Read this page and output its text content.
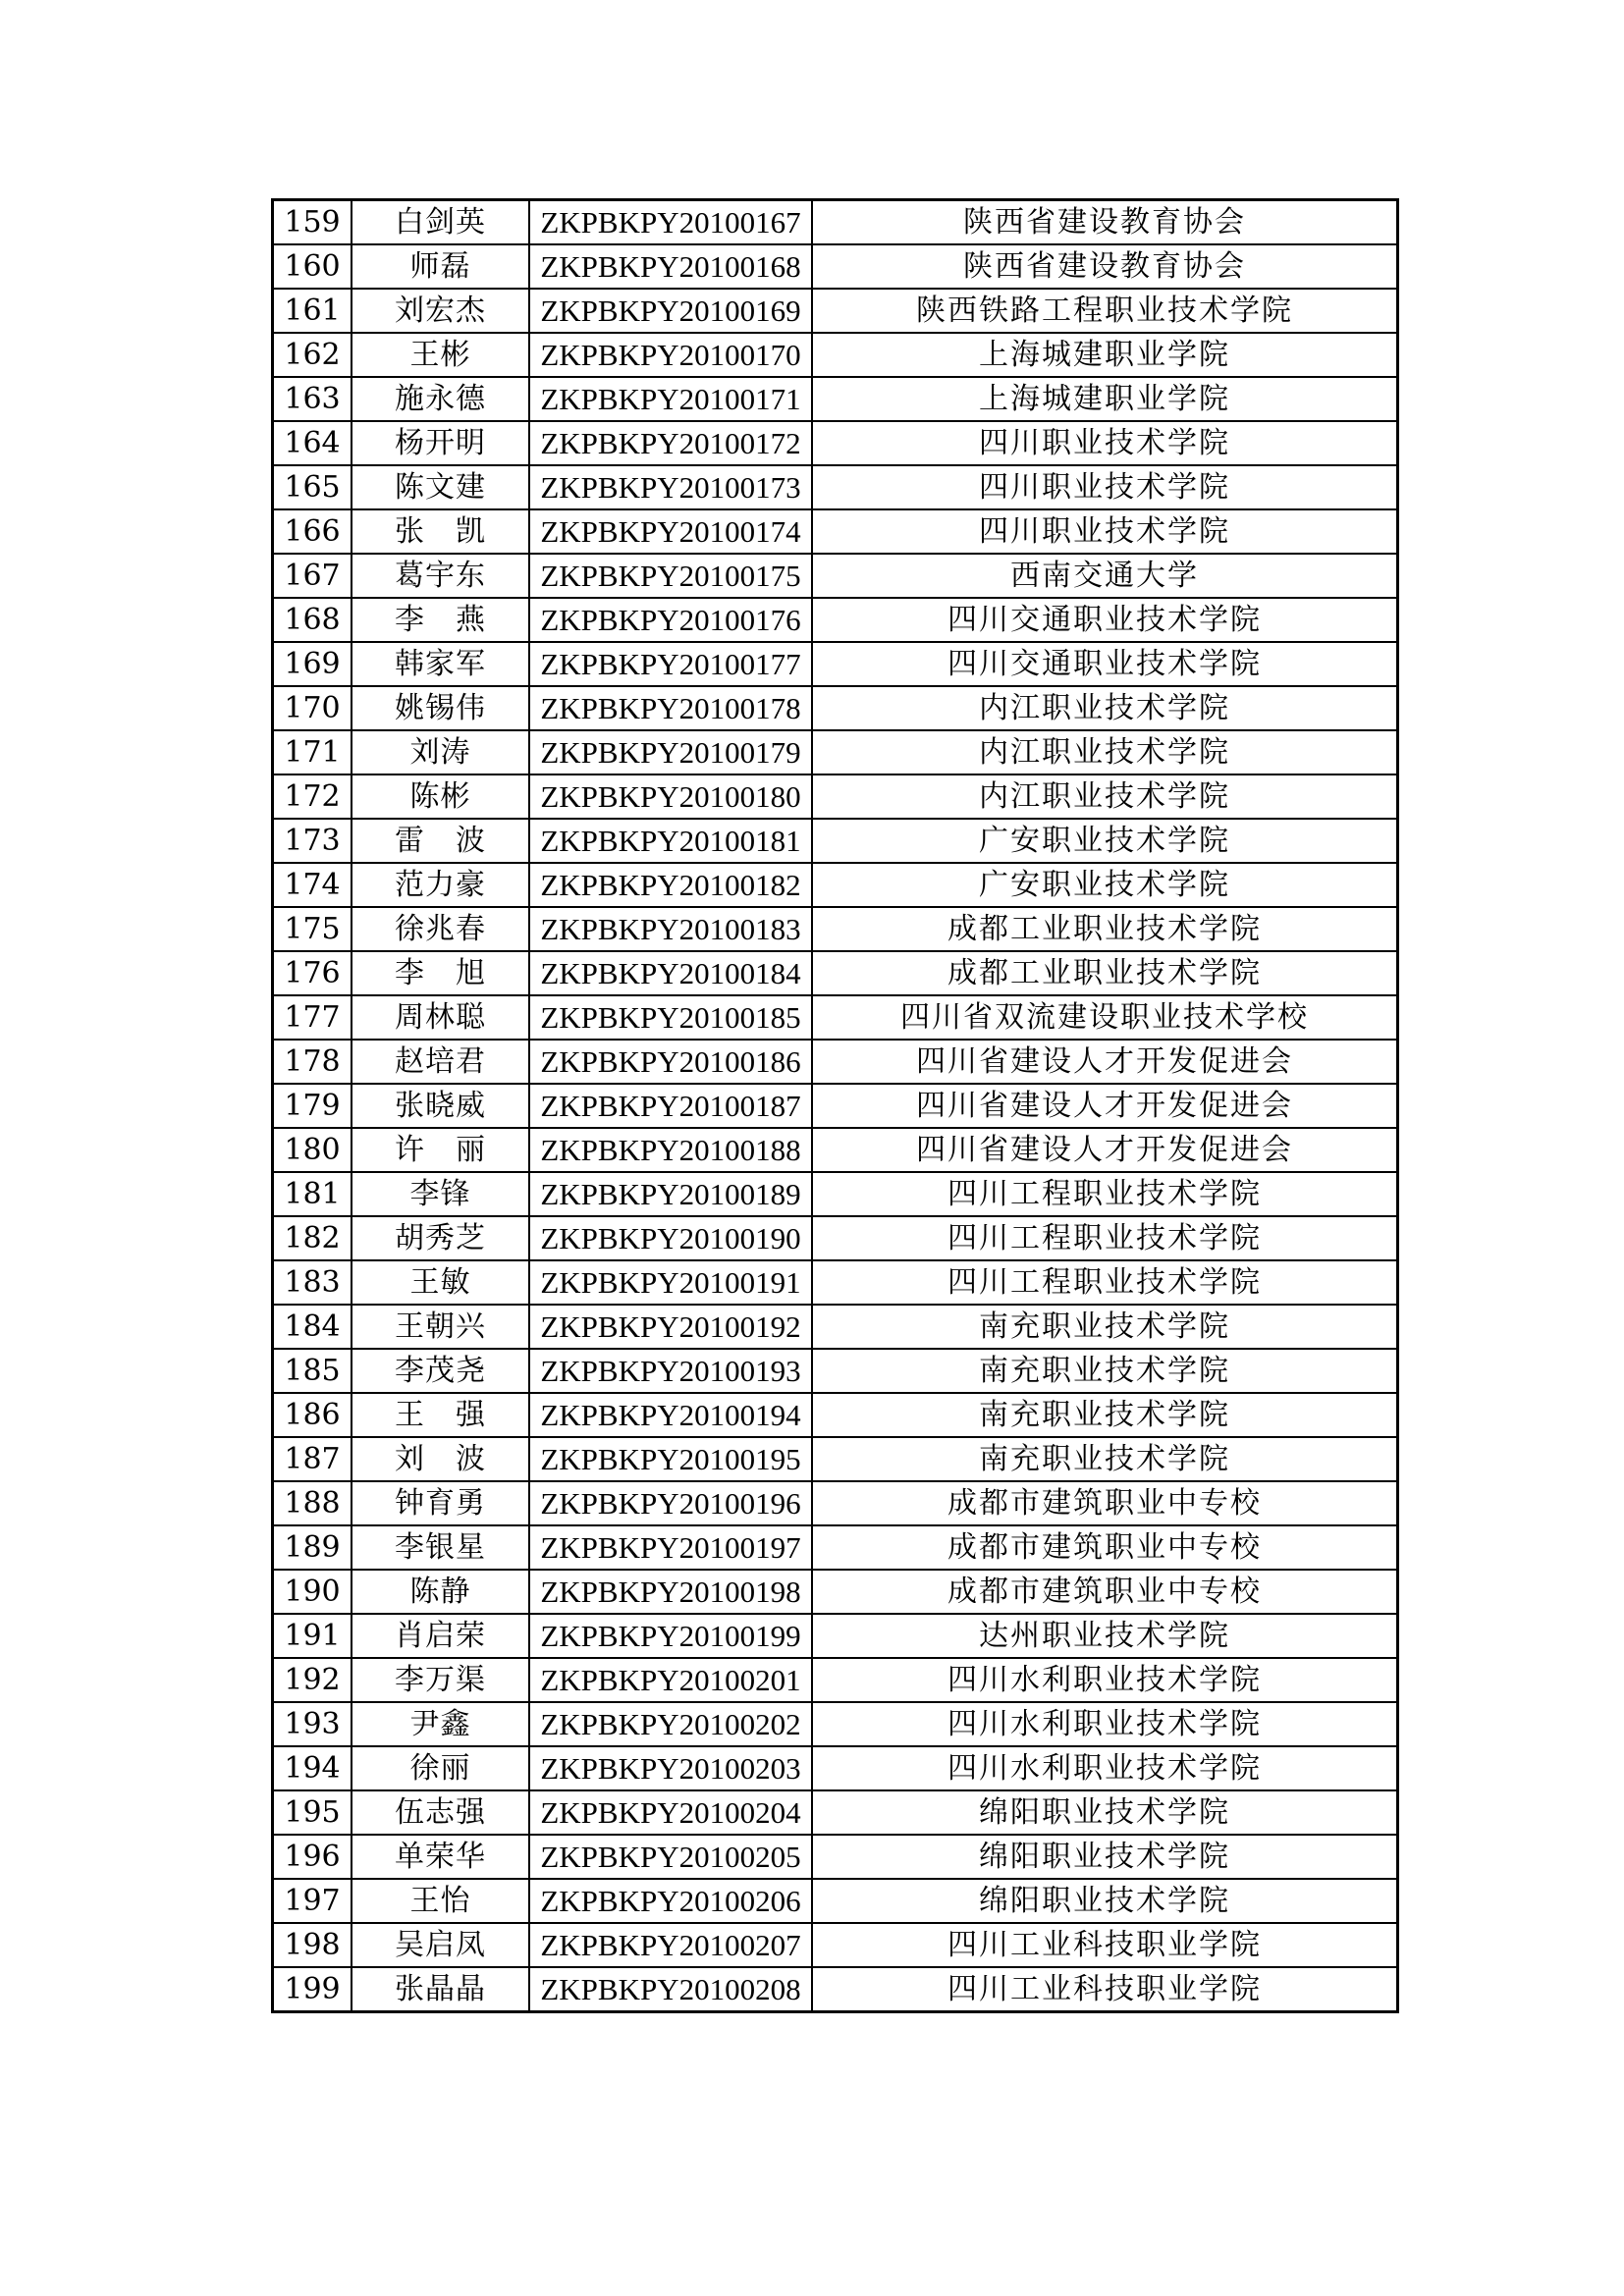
159	白剑英	ZKPBKPY20100167	陕西省建设教育协会
160	师磊	ZKPBKPY20100168	陕西省建设教育协会
161	刘宏杰	ZKPBKPY20100169	陕西铁路工程职业技术学院
162	王彬	ZKPBKPY20100170	上海城建职业学院
163	施永德	ZKPBKPY20100171	上海城建职业学院
164	杨开明	ZKPBKPY20100172	四川职业技术学院
165	陈文建	ZKPBKPY20100173	四川职业技术学院
166	张　凯	ZKPBKPY20100174	四川职业技术学院
167	葛宇东	ZKPBKPY20100175	西南交通大学
168	李　燕	ZKPBKPY20100176	四川交通职业技术学院
169	韩家军	ZKPBKPY20100177	四川交通职业技术学院
170	姚锡伟	ZKPBKPY20100178	内江职业技术学院
171	刘涛	ZKPBKPY20100179	内江职业技术学院
172	陈彬	ZKPBKPY20100180	内江职业技术学院
173	雷　波	ZKPBKPY20100181	广安职业技术学院
174	范力豪	ZKPBKPY20100182	广安职业技术学院
175	徐兆春	ZKPBKPY20100183	成都工业职业技术学院
176	李　旭	ZKPBKPY20100184	成都工业职业技术学院
177	周林聪	ZKPBKPY20100185	四川省双流建设职业技术学校
178	赵培君	ZKPBKPY20100186	四川省建设人才开发促进会
179	张晓威	ZKPBKPY20100187	四川省建设人才开发促进会
180	许　丽	ZKPBKPY20100188	四川省建设人才开发促进会
181	李锋	ZKPBKPY20100189	四川工程职业技术学院
182	胡秀芝	ZKPBKPY20100190	四川工程职业技术学院
183	王敏	ZKPBKPY20100191	四川工程职业技术学院
184	王朝兴	ZKPBKPY20100192	南充职业技术学院
185	李茂尧	ZKPBKPY20100193	南充职业技术学院
186	王　强	ZKPBKPY20100194	南充职业技术学院
187	刘　波	ZKPBKPY20100195	南充职业技术学院
188	钟育勇	ZKPBKPY20100196	成都市建筑职业中专校
189	李银星	ZKPBKPY20100197	成都市建筑职业中专校
190	陈静	ZKPBKPY20100198	成都市建筑职业中专校
191	肖启荣	ZKPBKPY20100199	达州职业技术学院
192	李万渠	ZKPBKPY20100201	四川水利职业技术学院
193	尹鑫	ZKPBKPY20100202	四川水利职业技术学院
194	徐丽	ZKPBKPY20100203	四川水利职业技术学院
195	伍志强	ZKPBKPY20100204	绵阳职业技术学院
196	单荣华	ZKPBKPY20100205	绵阳职业技术学院
197	王怡	ZKPBKPY20100206	绵阳职业技术学院
198	吴启凤	ZKPBKPY20100207	四川工业科技职业学院
199	张晶晶	ZKPBKPY20100208	四川工业科技职业学院
